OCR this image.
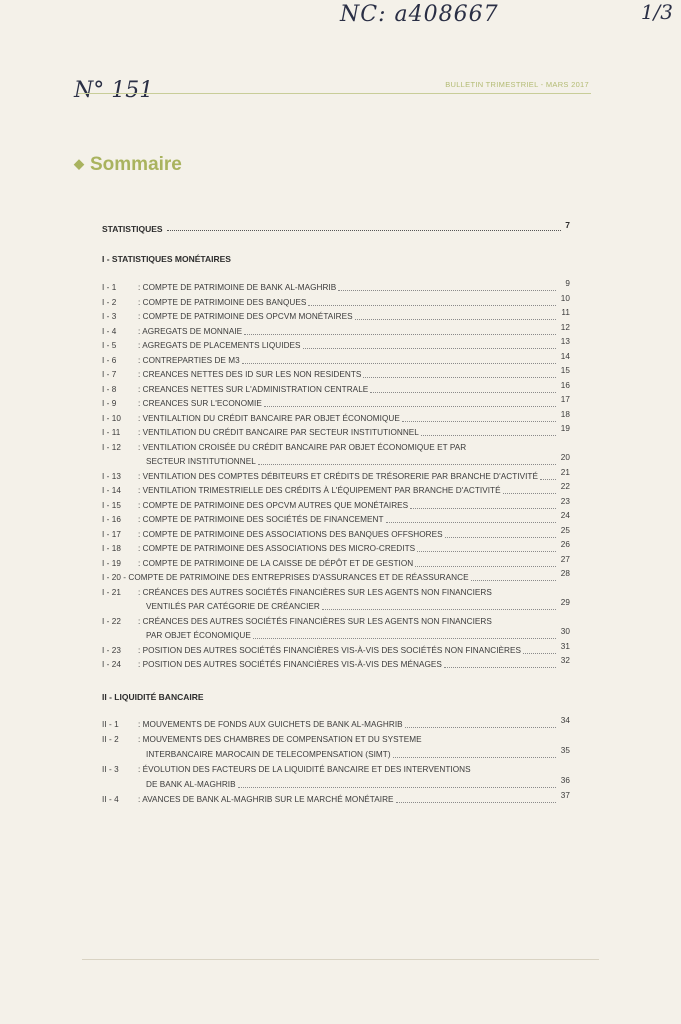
NC: a408667	1/3
N° 151	BULLETIN TRIMESTRIEL - MARS 2017
◆ Sommaire
STATISTIQUES	7
I - STATISTIQUES MONÉTAIRES
I - 1	: COMPTE DE PATRIMOINE DE BANK AL-MAGHRIB	9
I - 2	: COMPTE DE PATRIMOINE DES BANQUES	10
I - 3	: COMPTE DE PATRIMOINE DES OPCVM MONÉTAIRES	11
I - 4	: AGREGATS DE MONNAIE	12
I - 5	: AGREGATS DE PLACEMENTS LIQUIDES	13
I - 6	: CONTREPARTIES DE M3	14
I - 7	: CREANCES NETTES DES ID SUR LES NON RESIDENTS	15
I - 8	: CREANCES NETTES SUR L'ADMINISTRATION CENTRALE	16
I - 9	: CREANCES SUR L'ECONOMIE	17
I - 10	: VENTILALTION DU CRÉDIT BANCAIRE PAR OBJET ÉCONOMIQUE	18
I - 11	: VENTILATION DU CRÉDIT BANCAIRE PAR SECTEUR INSTITUTIONNEL	19
I - 12	: VENTILATION CROISÉE DU CRÉDIT BANCAIRE PAR OBJET ÉCONOMIQUE ET PAR
SECTEUR INSTITUTIONNEL	20
I - 13	: VENTILATION DES COMPTES DÉBITEURS ET CRÉDITS DE TRÉSORERIE PAR BRANCHE D'ACTIVITÉ	21
I - 14	: VENTILATION TRIMESTRIELLE DES CRÉDITS À L'ÉQUIPEMENT PAR BRANCHE D'ACTIVITÉ	22
I - 15	: COMPTE DE PATRIMOINE DES OPCVM AUTRES QUE MONÉTAIRES	23
I - 16	: COMPTE DE PATRIMOINE DES SOCIÉTÉS DE FINANCEMENT	24
I - 17	: COMPTE DE PATRIMOINE DES ASSOCIATIONS DES BANQUES OFFSHORES	25
I - 18	: COMPTE DE PATRIMOINE DES ASSOCIATIONS DES MICRO-CREDITS	26
I - 19	: COMPTE DE PATRIMOINE DE LA CAISSE DE DÉPÔT ET DE GESTION	27
I - 20 - COMPTE DE PATRIMOINE DES ENTREPRISES D'ASSURANCES ET DE RÉASSURANCE	28
I - 21	: CRÉANCES DES AUTRES SOCIÉTÉS FINANCIÈRES SUR LES AGENTS NON FINANCIERS
VENTILÉS PAR CATÉGORIE DE CRÉANCIER	29
I - 22	: CRÉANCES DES AUTRES SOCIÉTÉS FINANCIÈRES SUR LES AGENTS NON FINANCIERS
PAR OBJET ÉCONOMIQUE	30
I - 23	: POSITION DES AUTRES SOCIÉTÉS FINANCIÈRES VIS-À-VIS DES SOCIÉTÉS NON FINANCIÈRES	31
I - 24	: POSITION DES AUTRES SOCIÉTÉS FINANCIÈRES VIS-À-VIS DES MÉNAGES	32
II - LIQUIDITÉ BANCAIRE
II - 1	: MOUVEMENTS DE FONDS AUX GUICHETS DE BANK AL-MAGHRIB	34
II - 2	: MOUVEMENTS DES CHAMBRES DE COMPENSATION ET DU SYSTEME
INTERBANCAIRE MAROCAIN DE TELECOMPENSATION (SIMT)	35
II - 3	: ÉVOLUTION DES FACTEURS DE LA LIQUIDITÉ BANCAIRE ET DES INTERVENTIONS
DE BANK AL-MAGHRIB	36
II - 4	: AVANCES DE BANK AL-MAGHRIB SUR LE MARCHÉ MONÉTAIRE	37
